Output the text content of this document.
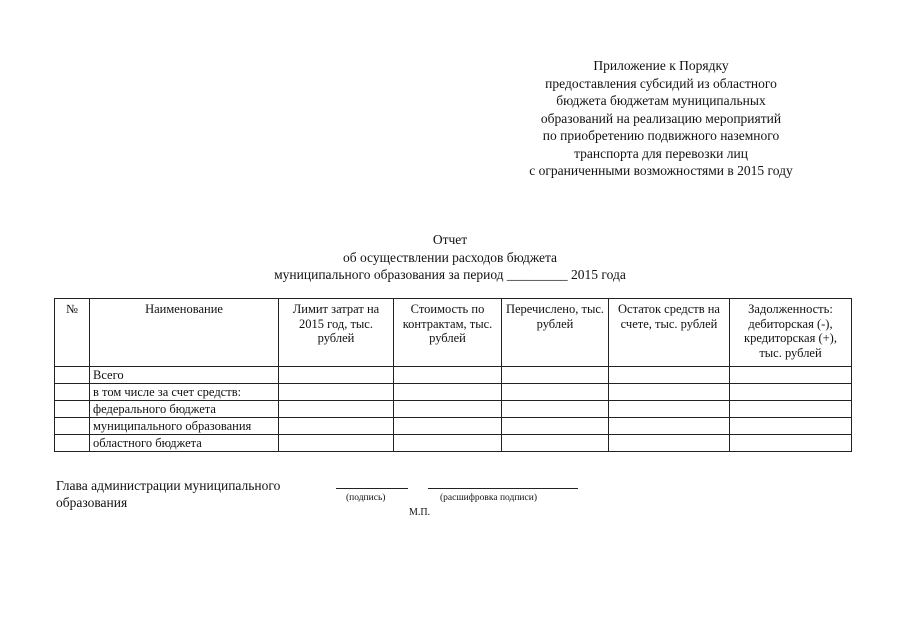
Приложение к Порядку
предоставления субсидий из областного
бюджета бюджетам муниципальных
образований на реализацию мероприятий
по приобретению подвижного наземного
транспорта для перевозки лиц
с ограниченными возможностями в 2015 году
Отчет
об осуществлении расходов бюджета
муниципального образования за период _________ 2015 года
№	Наименование	Лимит затрат на 2015 год, тыс. рублей	Стоимость по контрактам, тыс. рублей	Перечислено, тыс. рублей	Остаток средств на счете, тыс. рублей	Задолженность: дебиторская (-), кредиторская (+), тыс. рублей
	Всего					
	в том числе за счет средств:					
	федерального бюджета					
	муниципального образования					
	областного бюджета					
Глава администрации муниципального
образования	(подпись)	(расшифровка подписи)
М.П.
